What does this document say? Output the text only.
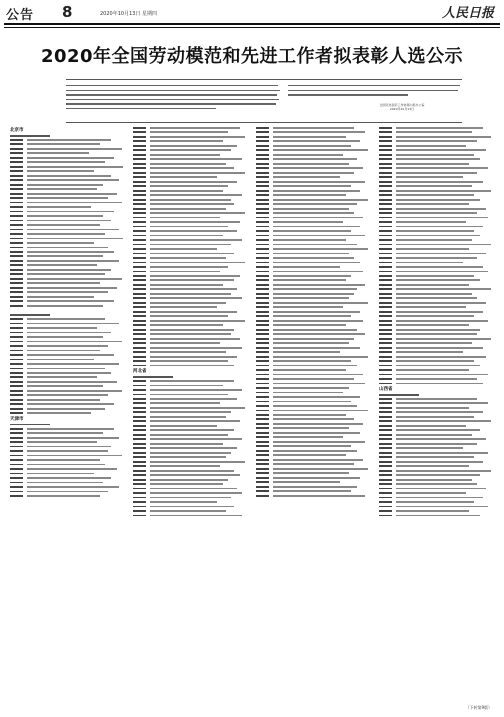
公告 8	2020年10月13日 星期四	人民日报
2020年全国劳动模范和先进工作者拟表彰人选公示
全国评选表彰工作协调小组办公室
2020年10月13日
北京市
天津市
河北省
山西省
（下转第9版）
